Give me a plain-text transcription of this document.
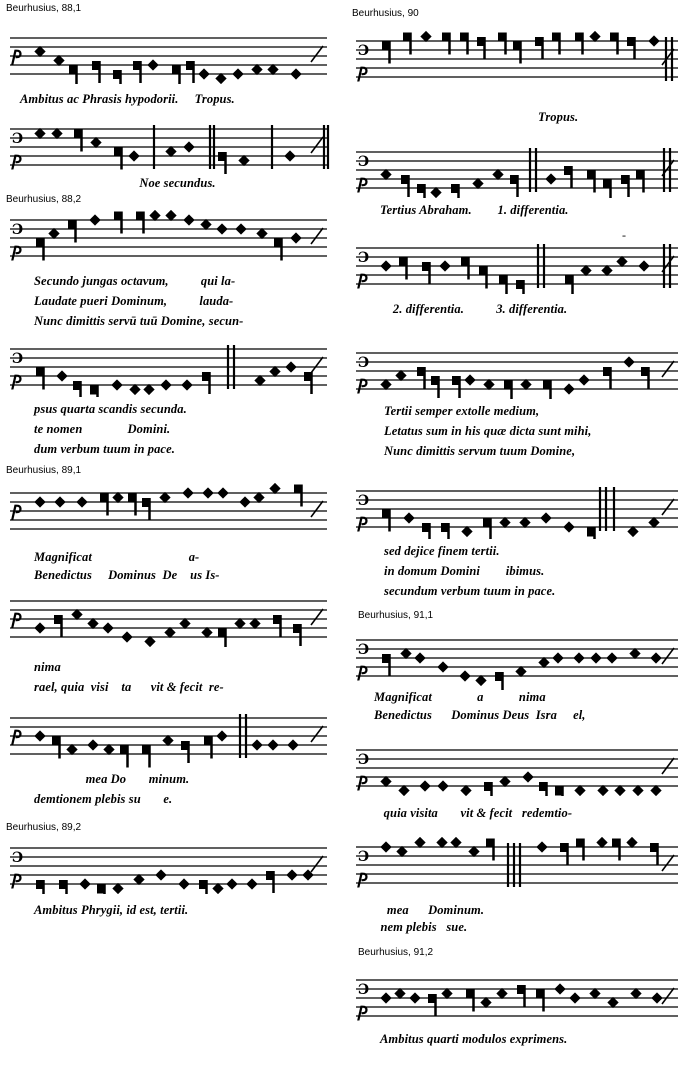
Beurhusius, 88,1
ⳏ
Ambitus ac Phrasis hypodorii.     Tropus.
Ɔ
ⳏ
Noe secundus.
Beurhusius, 88,2
Ɔ
ⳏ
Secundo jungas octavum,          qui la-
Laudate pueri Dominum,          lauda-
Nunc dimittis servū tuū Domine, secun-
Ɔ
ⳏ
psus quarta scandis secunda.
te nomen              Domini.
dum verbum tuum in pace.
Beurhusius, 89,1
ⳏ
Magnificat                              a-
Benedictus     Dominus  De    us Is-
ⳏ
nima
rael, quia  visi    ta      vit & fecit  re-
ⳏ
mea Do       minum.
demtionem plebis su       e.
Beurhusius, 89,2
Ɔ
ⳏ
Ambitus Phrygii, id est, tertii.
Beurhusius, 90
Ɔ
ⳏ
Tropus.
Ɔ
ⳏ
Tertius Abraham.        1. differentia.
Ɔ
ⳏ
2. differentia.          3. differentia.
Ɔ
ⳏ
Tertii semper extolle medium,
Letatus sum in his quæ dicta sunt mihi,
Nunc dimittis servum tuum Domine,
Ɔ
ⳏ
sed dejice finem tertii.
in domum Domini        ibimus.
secundum verbum tuum in pace.
Beurhusius, 91,1
Ɔ
ⳏ
Magnificat              a           nima
Benedictus      Dominus Deus  Isra     el,
Ɔ
ⳏ
quia visita       vit & fecit   redemtio-
Ɔ
ⳏ
mea      Dominum.
nem plebis   sue.
Beurhusius, 91,2
Ɔ
ⳏ
Ambitus quarti modulos exprimens.
-
